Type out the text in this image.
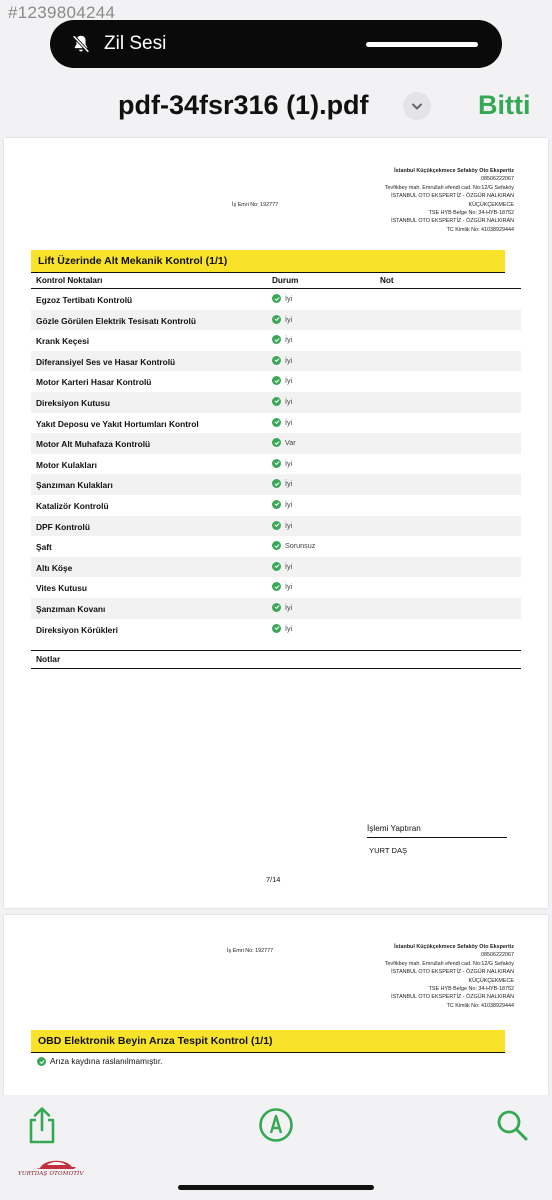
#1239804244
Zil Sesi
pdf-34fsr316 (1).pdf	Bitti
İş Emri No: 192777
İstanbul Küçükçekmece Sefaköy Oto Ekspertiz
08506222067
Tevfikbey mah. Emrullah efendi cad. No:12/G Sefaköy
İSTANBUL OTO EKSPERTİZ - ÖZGÜR NALKIRAN
KÜÇÜKÇEKMECE
TSE HYB Belge No: 34-HYB-18752
İSTANBUL OTO EKSPERTİZ - ÖZGÜR NALKIRAN
TC Kimlik No: 41038929444
Lift Üzerinde Alt Mekanik Kontrol (1/1)
Kontrol Noktaları	Durum	Not
Egzoz Tertibatı Kontrolü	İyi
Gözle Görülen Elektrik Tesisatı Kontrolü	İyi
Krank Keçesi	İyi
Diferansiyel Ses ve Hasar Kontrolü	İyi
Motor Karteri Hasar Kontrolü	İyi
Direksiyon Kutusu	İyi
Yakıt Deposu ve Yakıt Hortumları Kontrol	İyi
Motor Alt Muhafaza Kontrolü	Var
Motor Kulakları	İyi
Şanzıman Kulakları	İyi
Katalizör Kontrolü	İyi
DPF Kontrolü	İyi
Şaft	Sorunsuz
Altı Köşe	İyi
Vites Kutusu	İyi
Şanzıman Kovanı	İyi
Direksiyon Körükleri	İyi
Notlar
İşlemi Yaptıran
YURT DAŞ
7/14
İş Emri No: 192777
İstanbul Küçükçekmece Sefaköy Oto Ekspertiz
08506222067
Tevfikbey mah. Emrullah efendi cad. No:12/G Sefaköy
İSTANBUL OTO EKSPERTİZ - ÖZGÜR NALKIRAN
KÜÇÜKÇEKMECE
TSE HYB Belge No: 34-HYB-18752
İSTANBUL OTO EKSPERTİZ - ÖZGÜR NALKIRAN
TC Kimlik No: 41038929444
OBD Elektronik Beyin Arıza Tespit Kontrol (1/1)
Arıza kaydına raslanılmamıştır.
YURTDAŞ OTOMOTİV
